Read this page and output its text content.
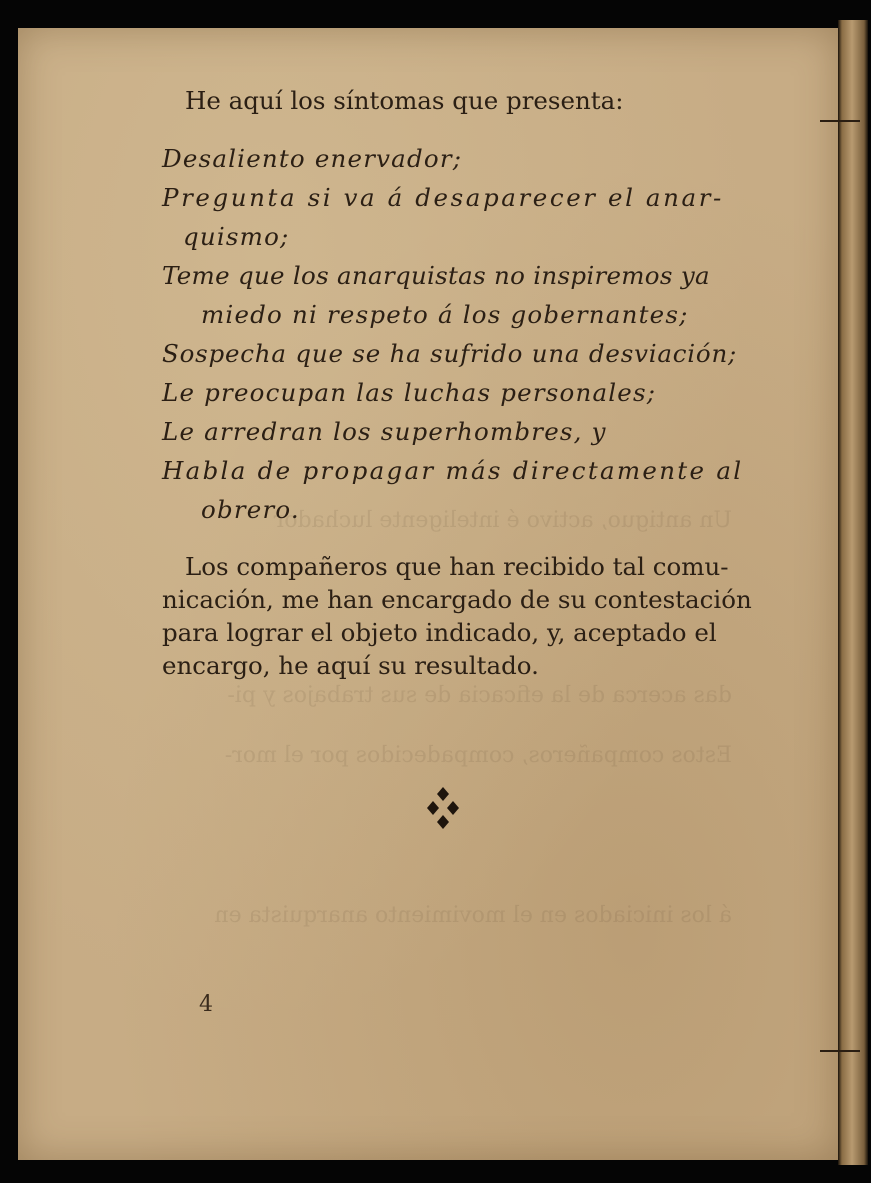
Un antiguo, activo é inteligente luchador
das acerca de la eficacia de sus trabajos y pi-
Estos compañeros, compadecidos por el mor-
á los iniciados en el movimiento anarquista en
He aquí los síntomas que presenta:
Desaliento enervador;
Pregunta si va á desaparecer el anar-
quismo;
Teme que los anarquistas no inspiremos ya
miedo ni respeto á los gobernantes;
Sospecha que se ha sufrido una desviación;
Le preocupan las luchas personales;
Le arredran los superhombres, y
Habla de propagar más directamente al
obrero.
Los compañeros que han recibido tal comu-
nicación, me han encargado de su contestación
para lograr el objeto indicado, y, aceptado el
encargo, he aquí su resultado.
4
